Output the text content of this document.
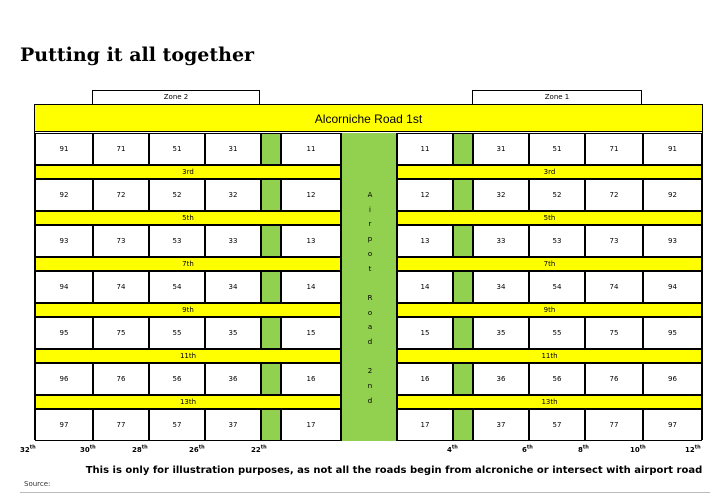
Putting it all together
Zone 2	Zone 1
Alcorniche Road 1st
A
i
r
p
o
t
R
o
a
d
2
n
d
91	71	51	31	11	11	31	51	71	91
92	72	52	32	12	12	32	52	72	92
93	73	53	33	13	13	33	53	73	93
94	74	54	34	14	14	34	54	74	94
95	75	55	35	15	15	35	55	75	95
96	76	56	36	16	16	36	56	76	96
97	77	57	37	17	17	37	57	77	97
3rd	3rd
5th	5th
7th	7th
9th	9th
11th	11th
13th	13th
32th	30th	28th	26th	22th	4th	6th	8th	10th	12th
This is only for illustration purposes, as not all the roads begin from alcroniche or intersect with airport road
Source:
